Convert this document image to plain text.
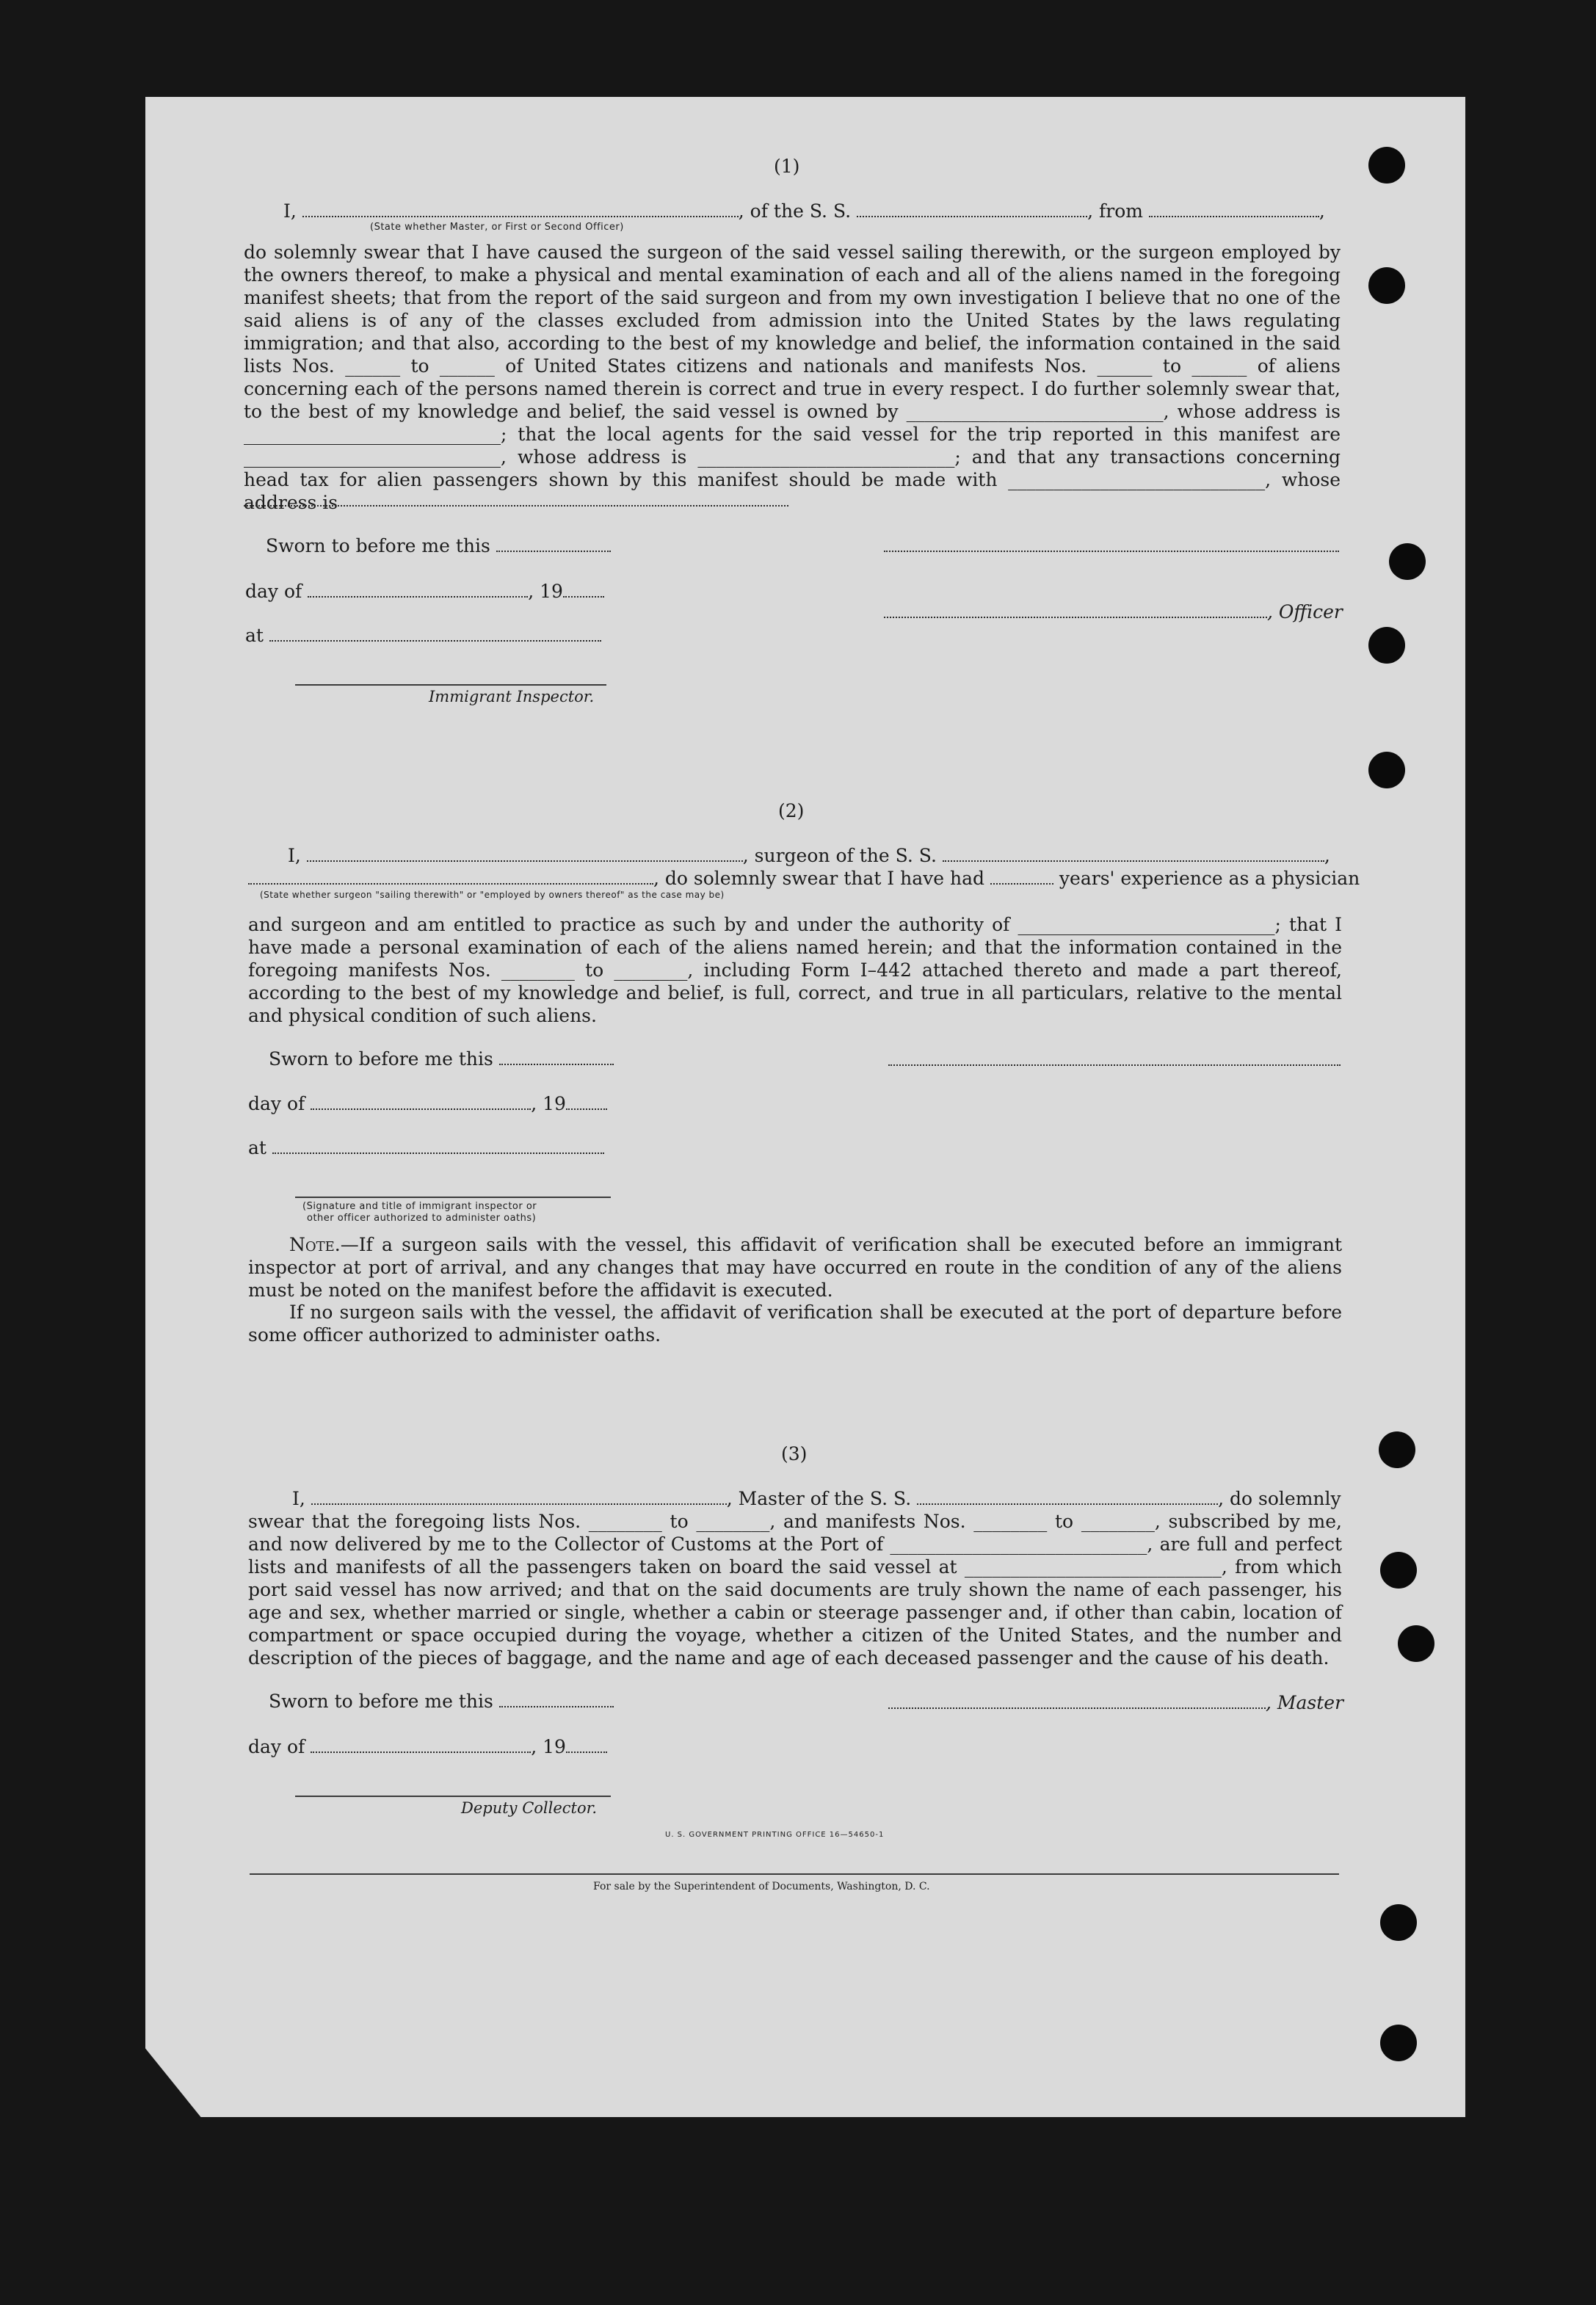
(1)
I,	, of the S. S.	, from	,
(State whether Master, or First or Second Officer)
do solemnly swear that I have caused the surgeon of the said vessel sailing therewith, or the surgeon employed by the owners thereof, to make a physical and mental examination of each and all of the aliens named in the foregoing manifest sheets; that from the report of the said surgeon and from my own investigation I believe that no one of the said aliens is of any of the classes excluded from admission into the United States by the laws regulating immigration; and that also, according to the best of my knowledge and belief, the information contained in the said lists Nos. ______ to ______ of United States citizens and nationals and manifests Nos. ______ to ______ of aliens concerning each of the persons named therein is correct and true in every respect. I do further solemnly swear that, to the best of my knowledge and belief, the said vessel is owned by ____________________________, whose address is ____________________________; that the local agents for the said vessel for the trip reported in this manifest are ____________________________, whose address is ____________________________; and that any transactions concerning head tax for alien passengers shown by this manifest should be made with ____________________________, whose address is
Sworn to before me this
day of	, 19
, Officer
at
Immigrant Inspector.
(2)
I,	, surgeon of the S. S.	,
, do solemnly swear that I have had	years' experience as a physician
(State whether surgeon "sailing therewith" or "employed by owners thereof" as the case may be)
and surgeon and am entitled to practice as such by and under the authority of ____________________________; that I have made a personal examination of each of the aliens named herein; and that the information contained in the foregoing manifests Nos. ________ to ________, including Form I–442 attached thereto and made a part thereof, according to the best of my knowledge and belief, is full, correct, and true in all particulars, relative to the mental and physical condition of such aliens.
Sworn to before me this
day of	, 19
at
(Signature and title of immigrant inspector or
other officer authorized to administer oaths)
Note.—If a surgeon sails with the vessel, this affidavit of verification shall be executed before an immigrant inspector at port of arrival, and any changes that may have occurred en route in the condition of any of the aliens must be noted on the manifest before the affidavit is executed.
If no surgeon sails with the vessel, the affidavit of verification shall be executed at the port of departure before some officer authorized to administer oaths.
(3)
I,	, Master of the S. S.	, do solemnly
swear that the foregoing lists Nos. ________ to ________, and manifests Nos. ________ to ________, subscribed by me, and now delivered by me to the Collector of Customs at the Port of ____________________________, are full and perfect lists and manifests of all the passengers taken on board the said vessel at ____________________________, from which port said vessel has now arrived; and that on the said documents are truly shown the name of each passenger, his age and sex, whether married or single, whether a cabin or steerage passenger and, if other than cabin, location of compartment or space occupied during the voyage, whether a citizen of the United States, and the number and description of the pieces of baggage, and the name and age of each deceased passenger and the cause of his death.
Sworn to before me this	, Master
day of	, 19
Deputy Collector.
U. S. GOVERNMENT PRINTING OFFICE 16—54650-1
For sale by the Superintendent of Documents, Washington, D. C.
